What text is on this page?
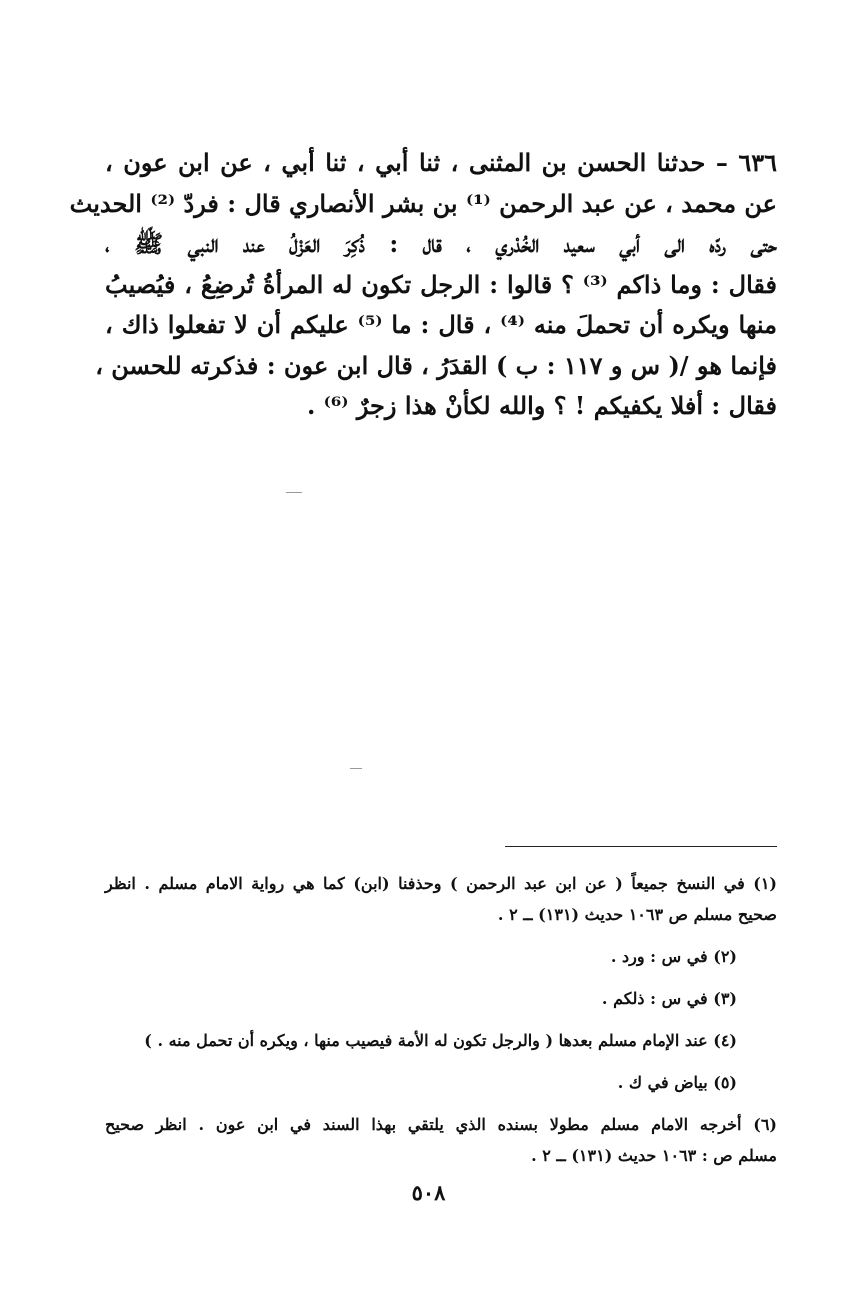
٦٣٦ – حدثنا الحسن بن المثنى ، ثنا أبي ، ثنا أبي ، عن ابن عون ،
عن محمد ، عن عبد الرحمن ⁽¹⁾ بن بشر الأنصاري قال : فردّ ⁽²⁾ الحديث
حتى ردّه الى أبي سعيد الخُدْري ، قال : ذُكِرَ العَزْلُ عند النبي ﷺ ،
فقال : وما ذاكم ⁽³⁾ ؟ قالوا : الرجل تكون له المرأةُ تُرضِعُ ، فيُصيبُ
منها ويكره أن تحملَ منه ⁽⁴⁾ ، قال : ما ⁽⁵⁾ عليكم أن لا تفعلوا ذاك ،
فإنما هو /( س و ١١٧ : ب ) القدَرُ ، قال ابن عون : فذكرته للحسن ،
فقال : أفلا يكفيكم ! ؟ والله لكأنْ هذا زجرٌ ⁽⁶⁾ .
(١) في النسخ جميعاً ( عن ابن عبد الرحمن ) وحذفنا (ابن) كما هي رواية الامام مسلم . انظر
صحيح مسلم ص ١٠٦٣ حديث (١٣١) ــ ٢ .
(٢) في س : ورد .
(٣) في س : ذلكم .
(٤) عند الإمام مسلم بعدها ( والرجل تكون له الأمة فيصيب منها ، ويكره أن تحمل منه . )
(٥) بياض في ك .
(٦) أخرجه الامام مسلم مطولا بسنده الذي يلتقي بهذا السند في ابن عون . انظر صحيح
مسلم ص : ١٠٦٣ حديث (١٣١) ــ ٢ .
٥٠٨
